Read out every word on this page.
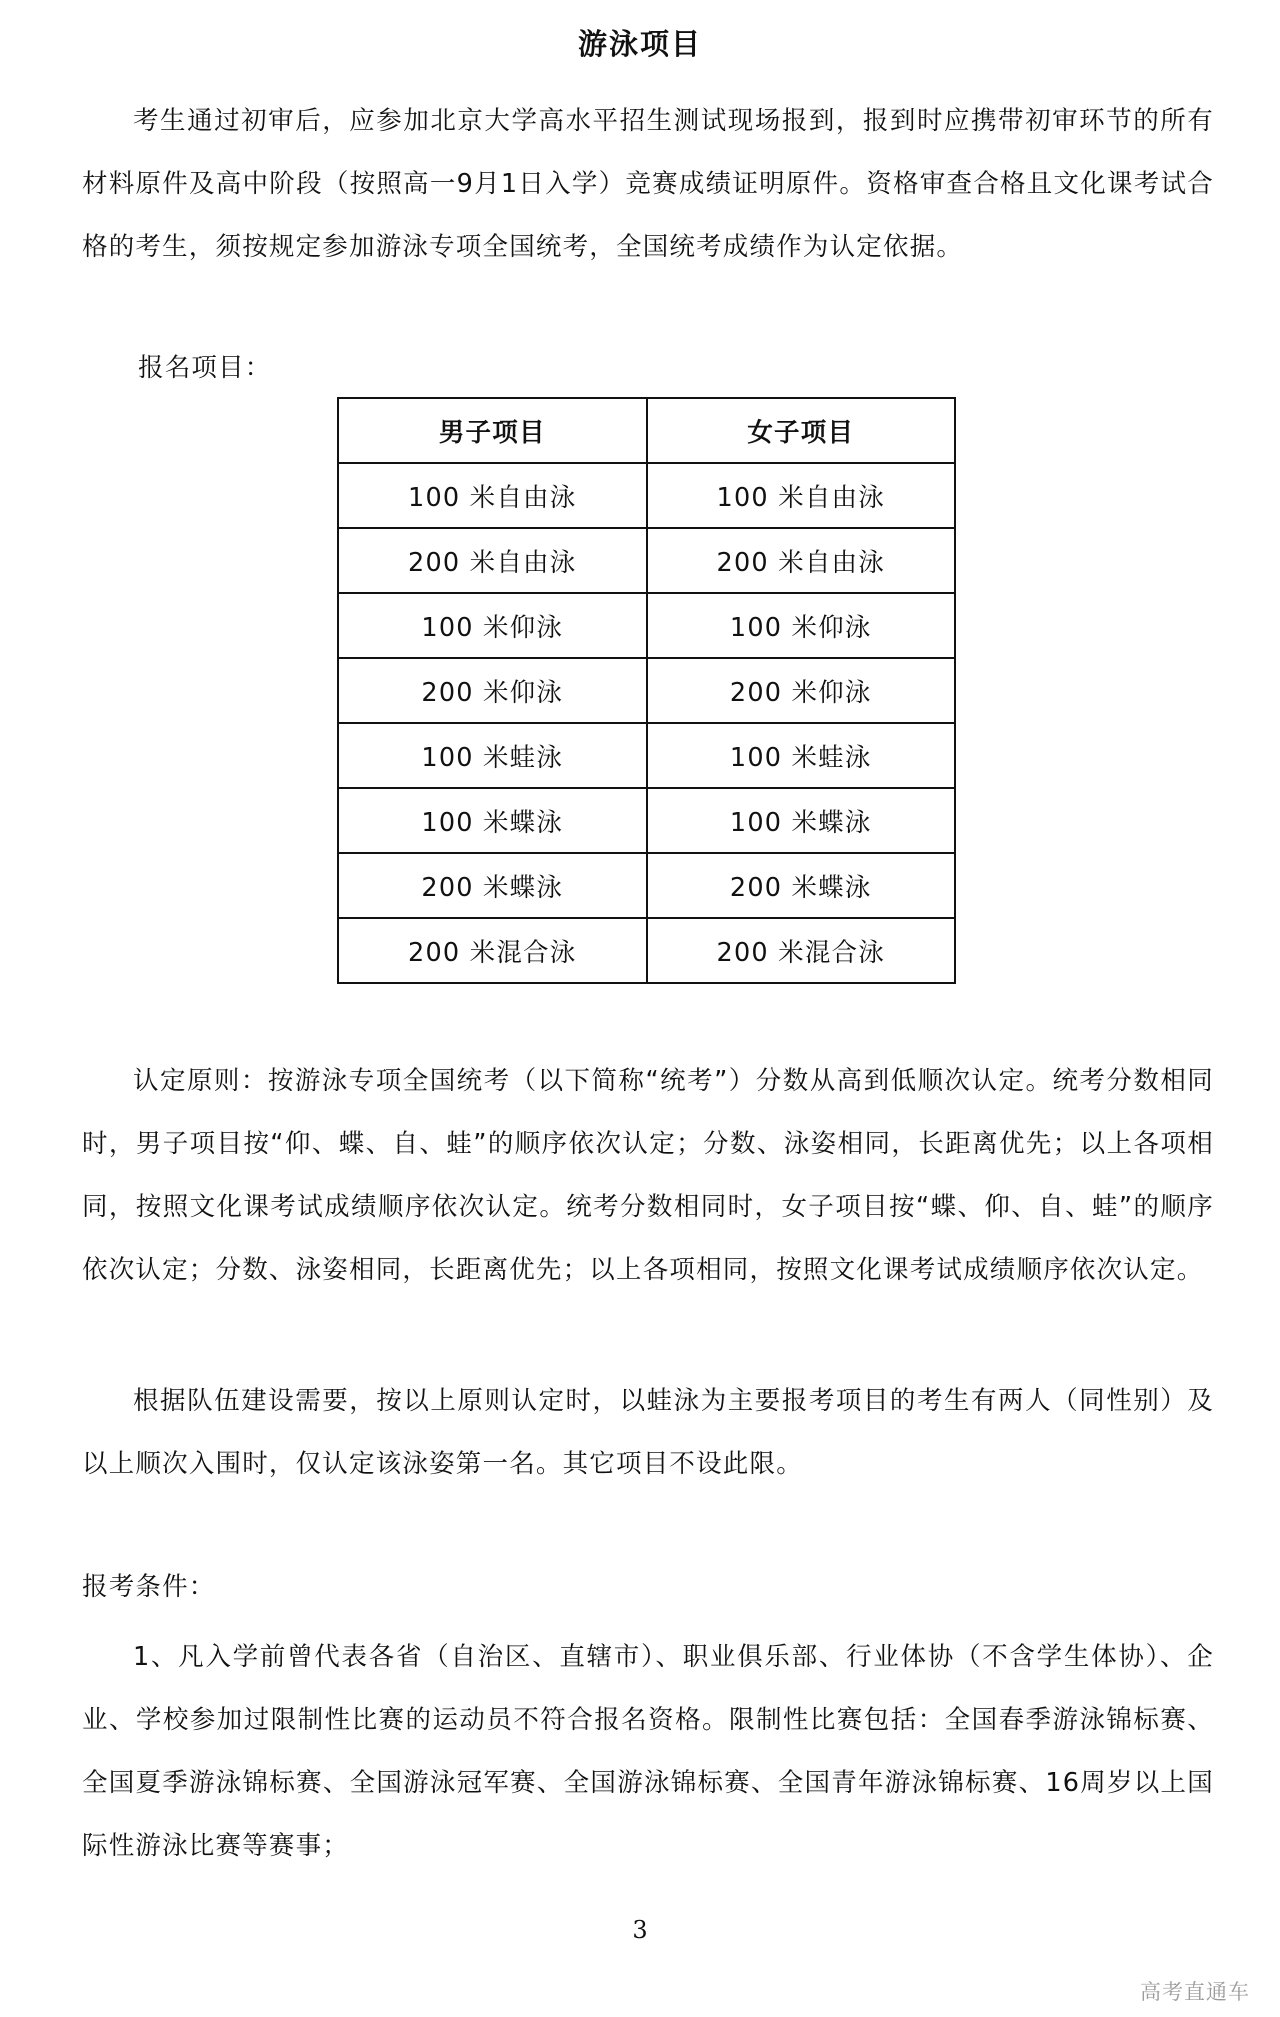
游泳项目

考生通过初审后，应参加北京大学高水平招生测试现场报到，报到时应携带初审环节的所有材料原件及高中阶段（按照高一9月1日入学）竞赛成绩证明原件。资格审查合格且文化课考试合格的考生，须按规定参加游泳专项全国统考，全国统考成绩作为认定依据。

报名项目：
男子项目	女子项目
100 米自由泳	100 米自由泳
200 米自由泳	200 米自由泳
100 米仰泳	100 米仰泳
200 米仰泳	200 米仰泳
100 米蛙泳	100 米蛙泳
100 米蝶泳	100 米蝶泳
200 米蝶泳	200 米蝶泳
200 米混合泳	200 米混合泳

认定原则：按游泳专项全国统考（以下简称“统考”）分数从高到低顺次认定。统考分数相同时，男子项目按“仰、蝶、自、蛙”的顺序依次认定；分数、泳姿相同，长距离优先；以上各项相同，按照文化课考试成绩顺序依次认定。统考分数相同时，女子项目按“蝶、仰、自、蛙”的顺序依次认定；分数、泳姿相同，长距离优先；以上各项相同，按照文化课考试成绩顺序依次认定。

根据队伍建设需要，按以上原则认定时，以蛙泳为主要报考项目的考生有两人（同性别）及以上顺次入围时，仅认定该泳姿第一名。其它项目不设此限。

报考条件：

1、凡入学前曾代表各省（自治区、直辖市）、职业俱乐部、行业体协（不含学生体协）、企业、学校参加过限制性比赛的运动员不符合报名资格。限制性比赛包括：全国春季游泳锦标赛、全国夏季游泳锦标赛、全国游泳冠军赛、全国游泳锦标赛、全国青年游泳锦标赛、16周岁以上国际性游泳比赛等赛事；

3
高考直通车
